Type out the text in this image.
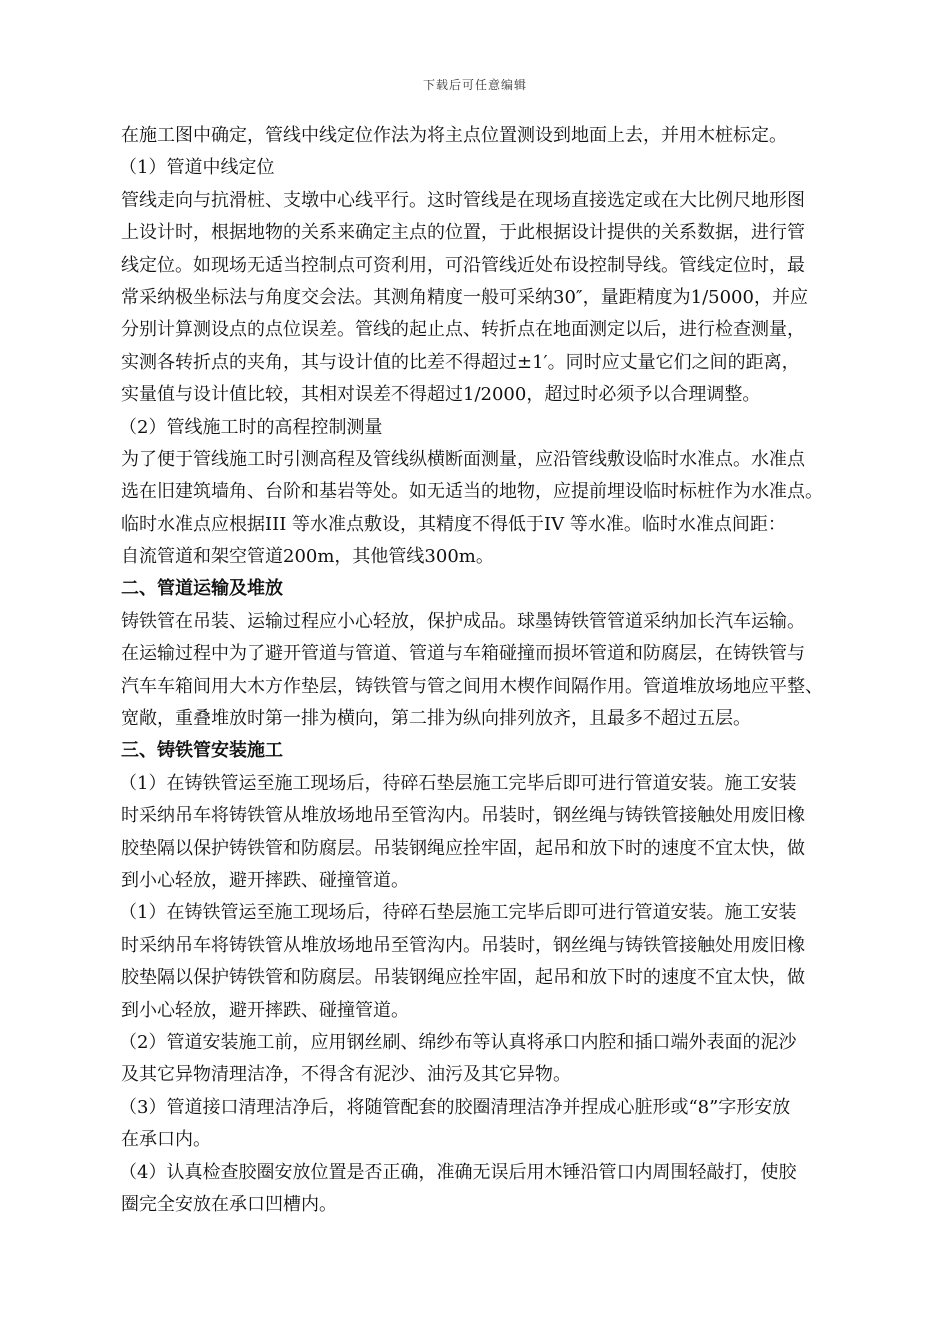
下载后可任意编辑
在施工图中确定，管线中线定位作法为将主点位置测设到地面上去，并用木桩标定。
（1）管道中线定位
管线走向与抗滑桩、支墩中心线平行。这时管线是在现场直接选定或在大比例尺地形图
上设计时，根据地物的关系来确定主点的位置，于此根据设计提供的关系数据，进行管
线定位。如现场无适当控制点可资利用，可沿管线近处布设控制导线。管线定位时，最
常采纳极坐标法与角度交会法。其测角精度一般可采纳30″，量距精度为1/5000，并应
分别计算测设点的点位误差。管线的起止点、转折点在地面测定以后，进行检查测量，
实测各转折点的夹角，其与设计值的比差不得超过±1′。同时应丈量它们之间的距离，
实量值与设计值比较，其相对误差不得超过1/2000，超过时必须予以合理调整。
（2）管线施工时的高程控制测量
为了便于管线施工时引测高程及管线纵横断面测量，应沿管线敷设临时水准点。水准点
选在旧建筑墙角、台阶和基岩等处。如无适当的地物，应提前埋设临时标桩作为水准点。
临时水准点应根据III 等水准点敷设，其精度不得低于IV 等水准。临时水准点间距：
自流管道和架空管道200m，其他管线300m。
二、管道运输及堆放
铸铁管在吊装、运输过程应小心轻放，保护成品。球墨铸铁管管道采纳加长汽车运输。
在运输过程中为了避开管道与管道、管道与车箱碰撞而损坏管道和防腐层，在铸铁管与
汽车车箱间用大木方作垫层，铸铁管与管之间用木楔作间隔作用。管道堆放场地应平整、
宽敞，重叠堆放时第一排为横向，第二排为纵向排列放齐，且最多不超过五层。
三、铸铁管安装施工
（1）在铸铁管运至施工现场后，待碎石垫层施工完毕后即可进行管道安装。施工安装
时采纳吊车将铸铁管从堆放场地吊至管沟内。吊装时，钢丝绳与铸铁管接触处用废旧橡
胶垫隔以保护铸铁管和防腐层。吊装钢绳应拴牢固，起吊和放下时的速度不宜太快，做
到小心轻放，避开摔跌、碰撞管道。
（1）在铸铁管运至施工现场后，待碎石垫层施工完毕后即可进行管道安装。施工安装
时采纳吊车将铸铁管从堆放场地吊至管沟内。吊装时，钢丝绳与铸铁管接触处用废旧橡
胶垫隔以保护铸铁管和防腐层。吊装钢绳应拴牢固，起吊和放下时的速度不宜太快，做
到小心轻放，避开摔跌、碰撞管道。
（2）管道安装施工前，应用钢丝刷、绵纱布等认真将承口内腔和插口端外表面的泥沙
及其它异物清理洁净，不得含有泥沙、油污及其它异物。
（3）管道接口清理洁净后，将随管配套的胶圈清理洁净并捏成心脏形或“8”字形安放
在承口内。
（4）认真检查胶圈安放位置是否正确，准确无误后用木锤沿管口内周围轻敲打，使胶
圈完全安放在承口凹槽内。
